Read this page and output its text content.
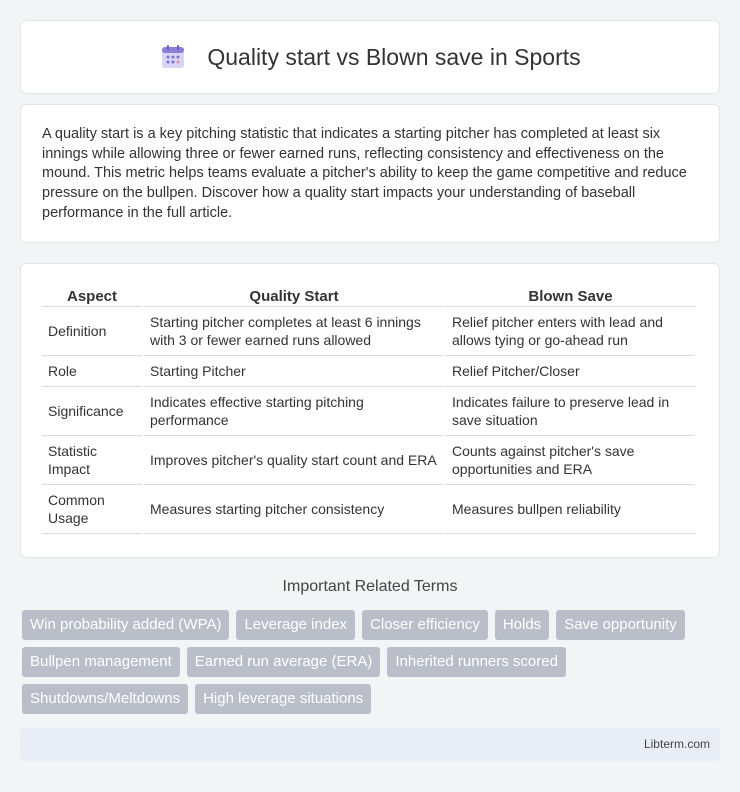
Quality start vs Blown save in Sports

A quality start is a key pitching statistic that indicates a starting pitcher has completed at least six innings while allowing three or fewer earned runs, reflecting consistency and effectiveness on the mound. This metric helps teams evaluate a pitcher's ability to keep the game competitive and reduce pressure on the bullpen. Discover how a quality start impacts your understanding of baseball performance in the full article.

Aspect	Quality Start	Blown Save
Definition	Starting pitcher completes at least 6 innings with 3 or fewer earned runs allowed	Relief pitcher enters with lead and allows tying or go-ahead run
Role	Starting Pitcher	Relief Pitcher/Closer
Significance	Indicates effective starting pitching performance	Indicates failure to preserve lead in save situation
Statistic Impact	Improves pitcher's quality start count and ERA	Counts against pitcher's save opportunities and ERA
Common Usage	Measures starting pitcher consistency	Measures bullpen reliability
Important Related Terms
Win probability added (WPA)	Leverage index	Closer efficiency	Holds	Save opportunity
Bullpen management	Earned run average (ERA)	Inherited runners scored
Shutdowns/Meltdowns	High leverage situations
Libterm.com
